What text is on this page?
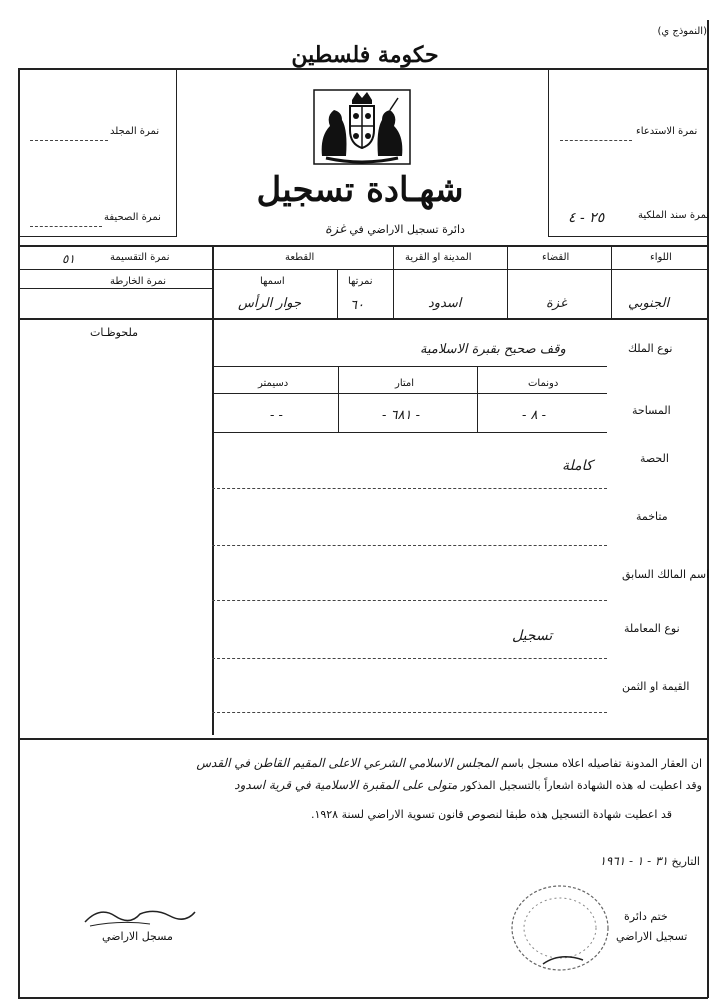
(النموذج ي)
حكومة فلسطين
شهـادة تسجيل
دائرة تسجيل الاراضي في غزة
نمرة المجلد
نمرة الصحيفة
نمرة الاستدعاء
نمرة سند الملكية
٢٥ - ٤
اللواء
القضاء
المدينة او القرية
القطعة
نمرتها
اسمها
نمرة التقسيمة
٥١
نمرة الخارطة
الجنوبي
غزة
اسدود
٦٠
جوار الرأس
ملحوظـات
نوع الملك
وقف صحيح بقبرة الاسلامية
المساحة
دونمات
امتار
دسيمتر
- ٨ -
- ٦٨١ -
- -
الحصة
كاملة
متاخمة
اسم المالك السابق
نوع المعاملة
تسجيل
القيمة او الثمن
ان العقار المدونة تفاصيله اعلاه مسجل باسم المجلس الاسلامي الشرعي الاعلى المقيم القاطن في القدس
وقد اعطيت له هذه الشهادة اشعاراً بالتسجيل المذكور متولى على المقبرة الاسلامية في قرية اسدود
قد اعطيت شهادة التسجيل هذه طبقا لنصوص قانون تسوية الاراضي لسنة ١٩٢٨.
التاريخ ٣١ - ١ - ١٩٦١
مسجل الاراضي
ختم دائرة
تسجيل الاراضي
